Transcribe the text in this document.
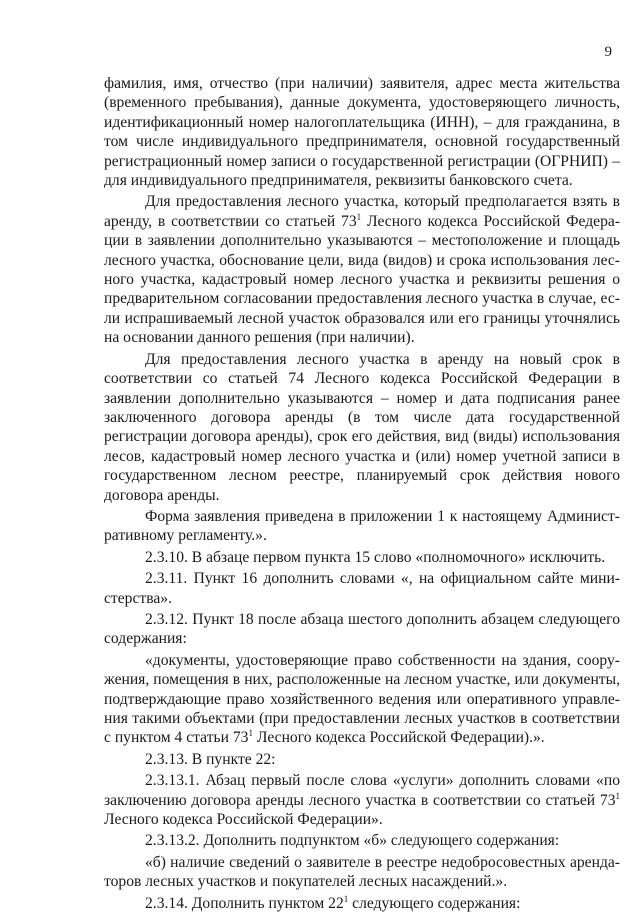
9

фамилия, имя, отчество (при наличии) заявителя, адрес места жительства (временного пребывания), данные документа, удостоверяющего личность, идентификационный номер налогоплательщика (ИНН), – для гражданина, в том числе индивидуального предпринимателя, основной государственный регистрационный номер записи о государственной регистрации (ОГРНИП) – для индивидуального предпринимателя, реквизиты банковского счета.

Для предоставления лесного участка, который предполагается взять в аренду, в соответствии со статьей $73^1$ Лесного кодекса Российской Федерации в заявлении дополнительно указываются – местоположение и площадь лесного участка, обоснование цели, вида (видов) и срока использования лесного участка, кадастровый номер лесного участка и реквизиты решения о предварительном согласовании предоставления лесного участка в случае, если испрашиваемый лесной участок образовался или его границы уточнялись на основании данного решения (при наличии).

Для предоставления лесного участка в аренду на новый срок в соответствии со статьей 74 Лесного кодекса Российской Федерации в заявлении дополнительно указываются – номер и дата подписания ранее заключенного договора аренды (в том числе дата государственной регистрации договора аренды), срок его действия, вид (виды) использования лесов, кадастровый номер лесного участка и (или) номер учетной записи в государственном лесном реестре, планируемый срок действия нового договора аренды.

Форма заявления приведена в приложении 1 к настоящему Административному регламенту.».

2.3.10. В абзаце первом пункта 15 слово «полномочного» исключить.

2.3.11. Пункт 16 дополнить словами «, на официальном сайте министерства».

2.3.12. Пункт 18 после абзаца шестого дополнить абзацем следующего содержания:

«документы, удостоверяющие право собственности на здания, сооружения, помещения в них, расположенные на лесном участке, или документы, подтверждающие право хозяйственного ведения или оперативного управления такими объектами (при предоставлении лесных участков в соответствии с пунктом 4 статьи $73^1$ Лесного кодекса Российской Федерации).».

2.3.13. В пункте 22:

2.3.13.1. Абзац первый после слова «услуги» дополнить словами «по заключению договора аренды лесного участка в соответствии со статьей $73^1$ Лесного кодекса Российской Федерации».

2.3.13.2. Дополнить подпунктом «б» следующего содержания:

«б) наличие сведений о заявителе в реестре недобросовестных арендаторов лесных участков и покупателей лесных насаждений.».

2.3.14. Дополнить пунктом $22^1$ следующего содержания:
